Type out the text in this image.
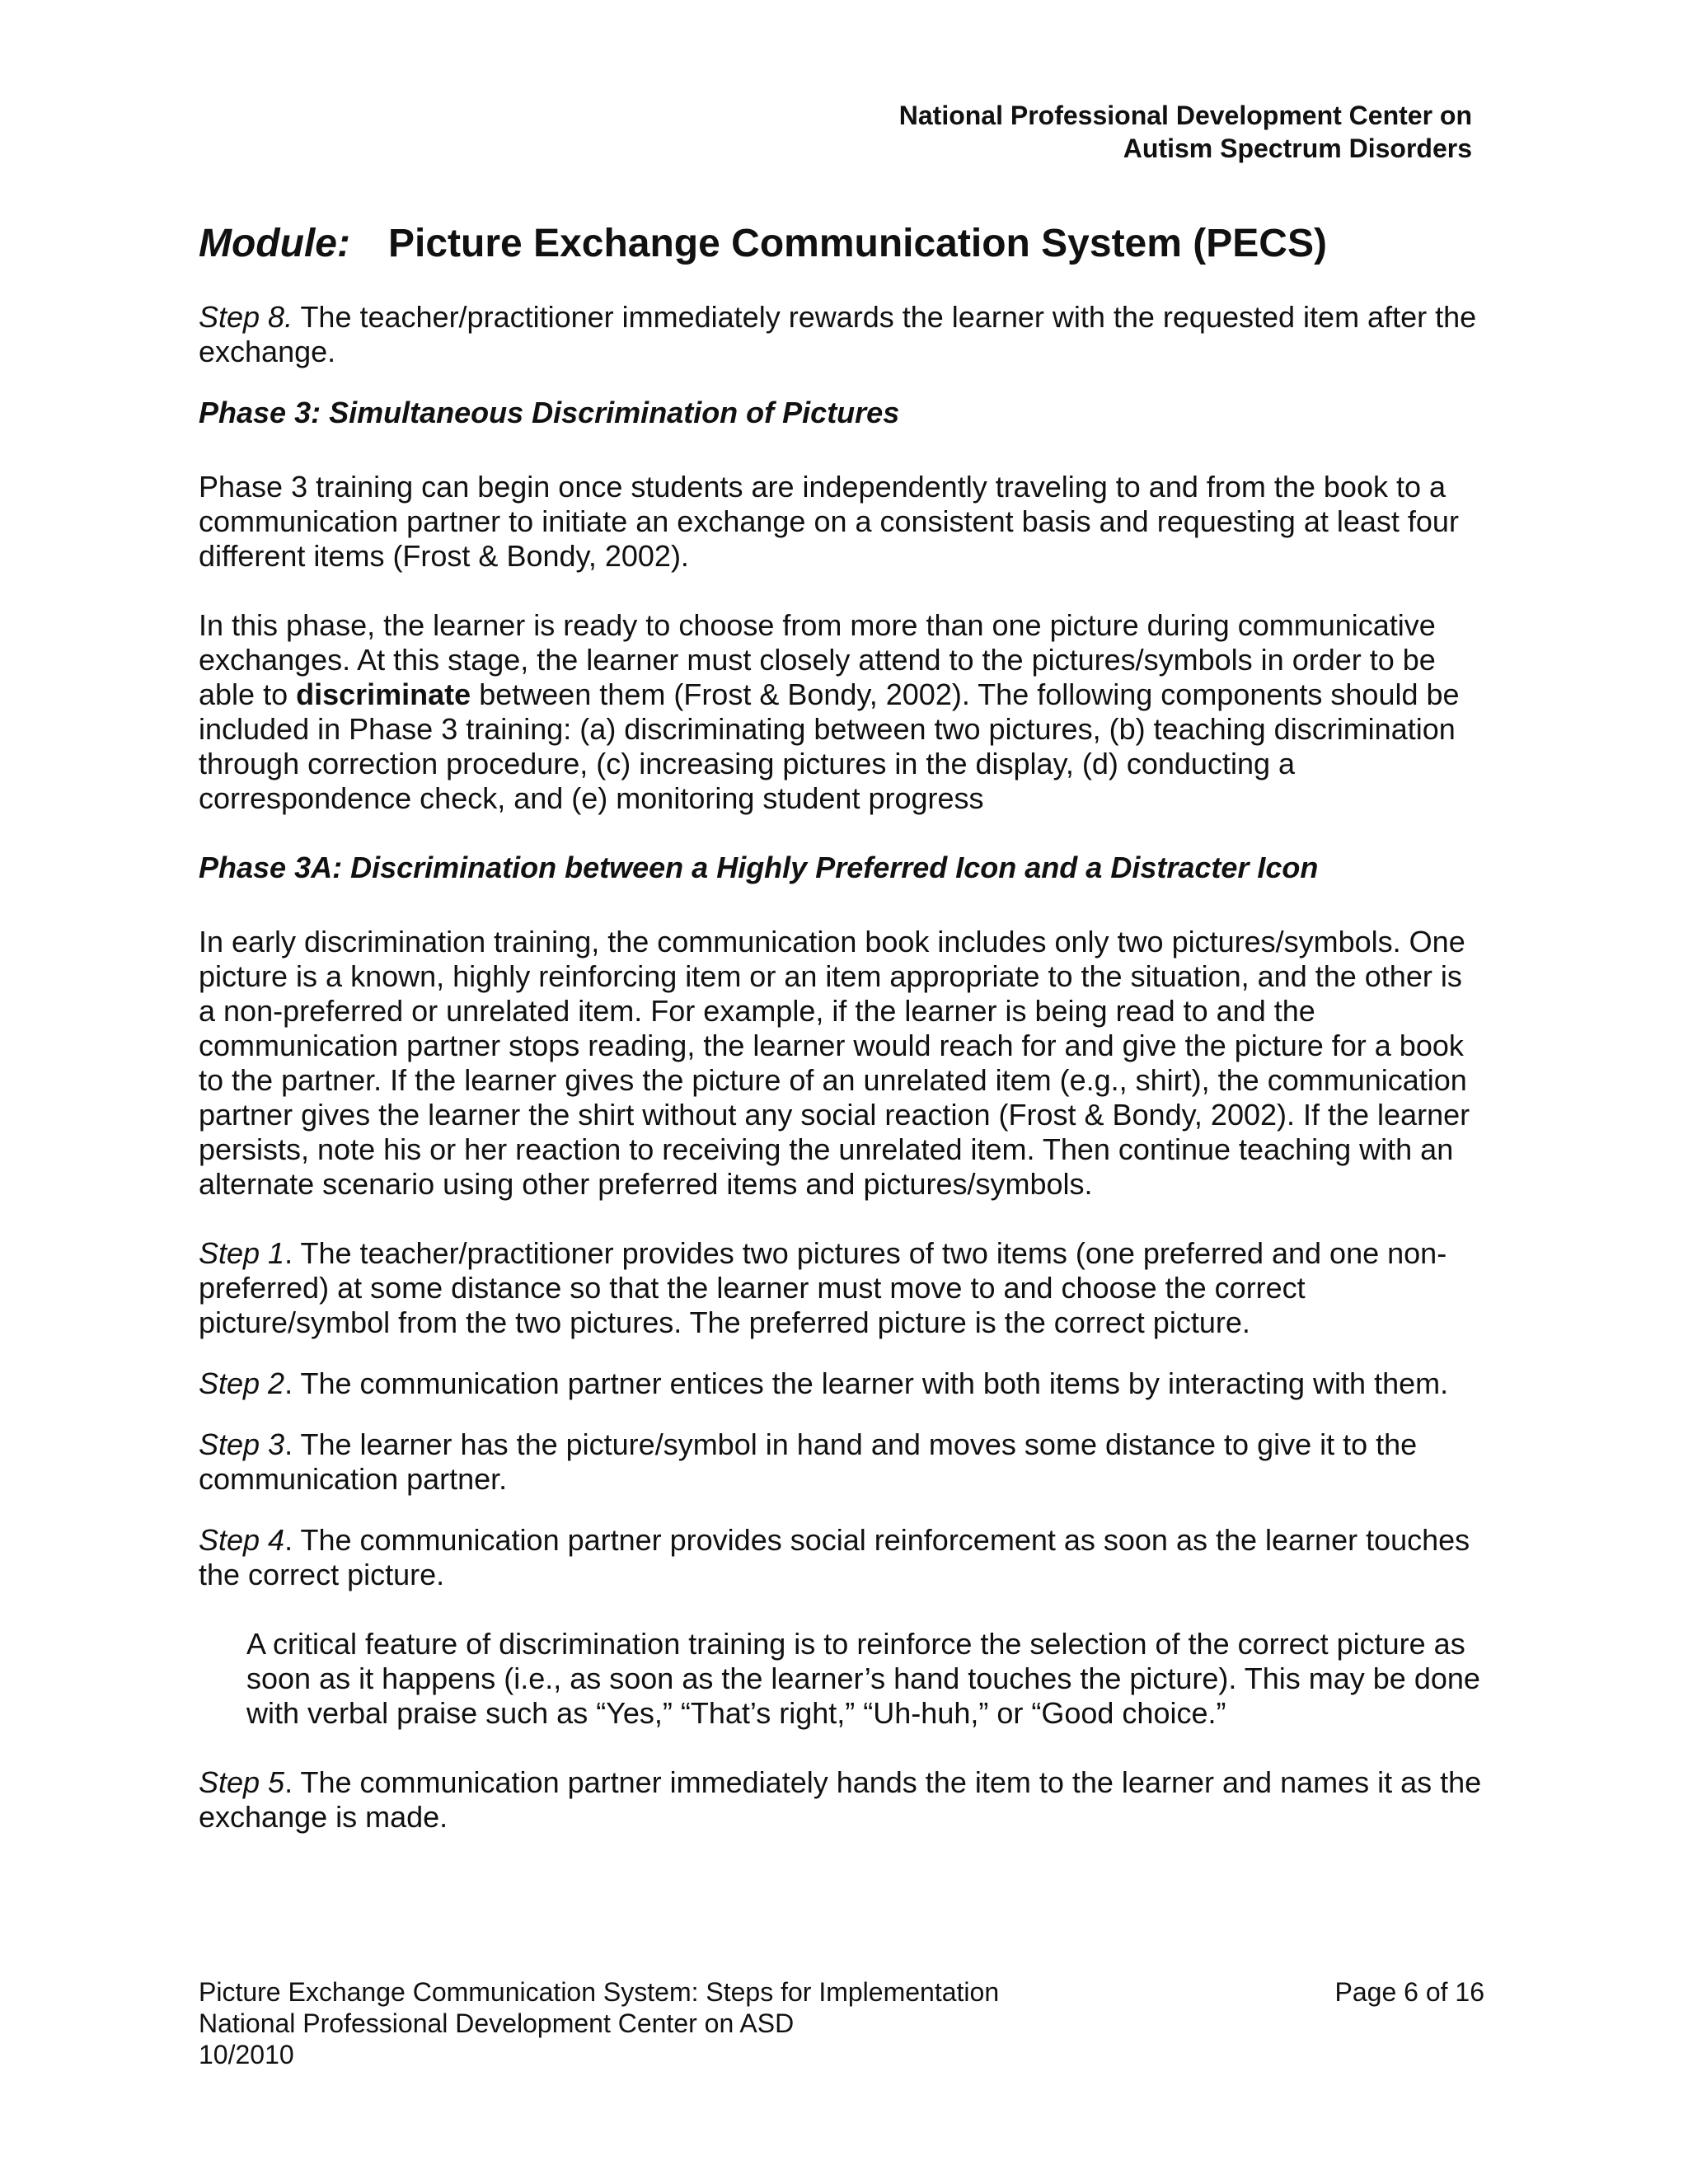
National Professional Development Center on
Autism Spectrum Disorders
Module: Picture Exchange Communication System (PECS)

Step 8. The teacher/practitioner immediately rewards the learner with the requested item after the exchange.

Phase 3: Simultaneous Discrimination of Pictures

Phase 3 training can begin once students are independently traveling to and from the book to a communication partner to initiate an exchange on a consistent basis and requesting at least four different items (Frost & Bondy, 2002).

In this phase, the learner is ready to choose from more than one picture during communicative exchanges. At this stage, the learner must closely attend to the pictures/symbols in order to be able to discriminate between them (Frost & Bondy, 2002). The following components should be included in Phase 3 training: (a) discriminating between two pictures, (b) teaching discrimination through correction procedure, (c) increasing pictures in the display, (d) conducting a correspondence check, and (e) monitoring student progress

Phase 3A: Discrimination between a Highly Preferred Icon and a Distracter Icon

In early discrimination training, the communication book includes only two pictures/symbols. One picture is a known, highly reinforcing item or an item appropriate to the situation, and the other is a non-preferred or unrelated item. For example, if the learner is being read to and the communication partner stops reading, the learner would reach for and give the picture for a book to the partner. If the learner gives the picture of an unrelated item (e.g., shirt), the communication partner gives the learner the shirt without any social reaction (Frost & Bondy, 2002). If the learner persists, note his or her reaction to receiving the unrelated item. Then continue teaching with an alternate scenario using other preferred items and pictures/symbols.

Step 1. The teacher/practitioner provides two pictures of two items (one preferred and one non-preferred) at some distance so that the learner must move to and choose the correct picture/symbol from the two pictures. The preferred picture is the correct picture.

Step 2. The communication partner entices the learner with both items by interacting with them.

Step 3. The learner has the picture/symbol in hand and moves some distance to give it to the communication partner.

Step 4. The communication partner provides social reinforcement as soon as the learner touches the correct picture.

A critical feature of discrimination training is to reinforce the selection of the correct picture as soon as it happens (i.e., as soon as the learner’s hand touches the picture). This may be done with verbal praise such as “Yes,” “That’s right,” “Uh-huh,” or “Good choice.”

Step 5. The communication partner immediately hands the item to the learner and names it as the exchange is made.

Picture Exchange Communication System: Steps for Implementation
National Professional Development Center on ASD
10/2010
Page 6 of 16
